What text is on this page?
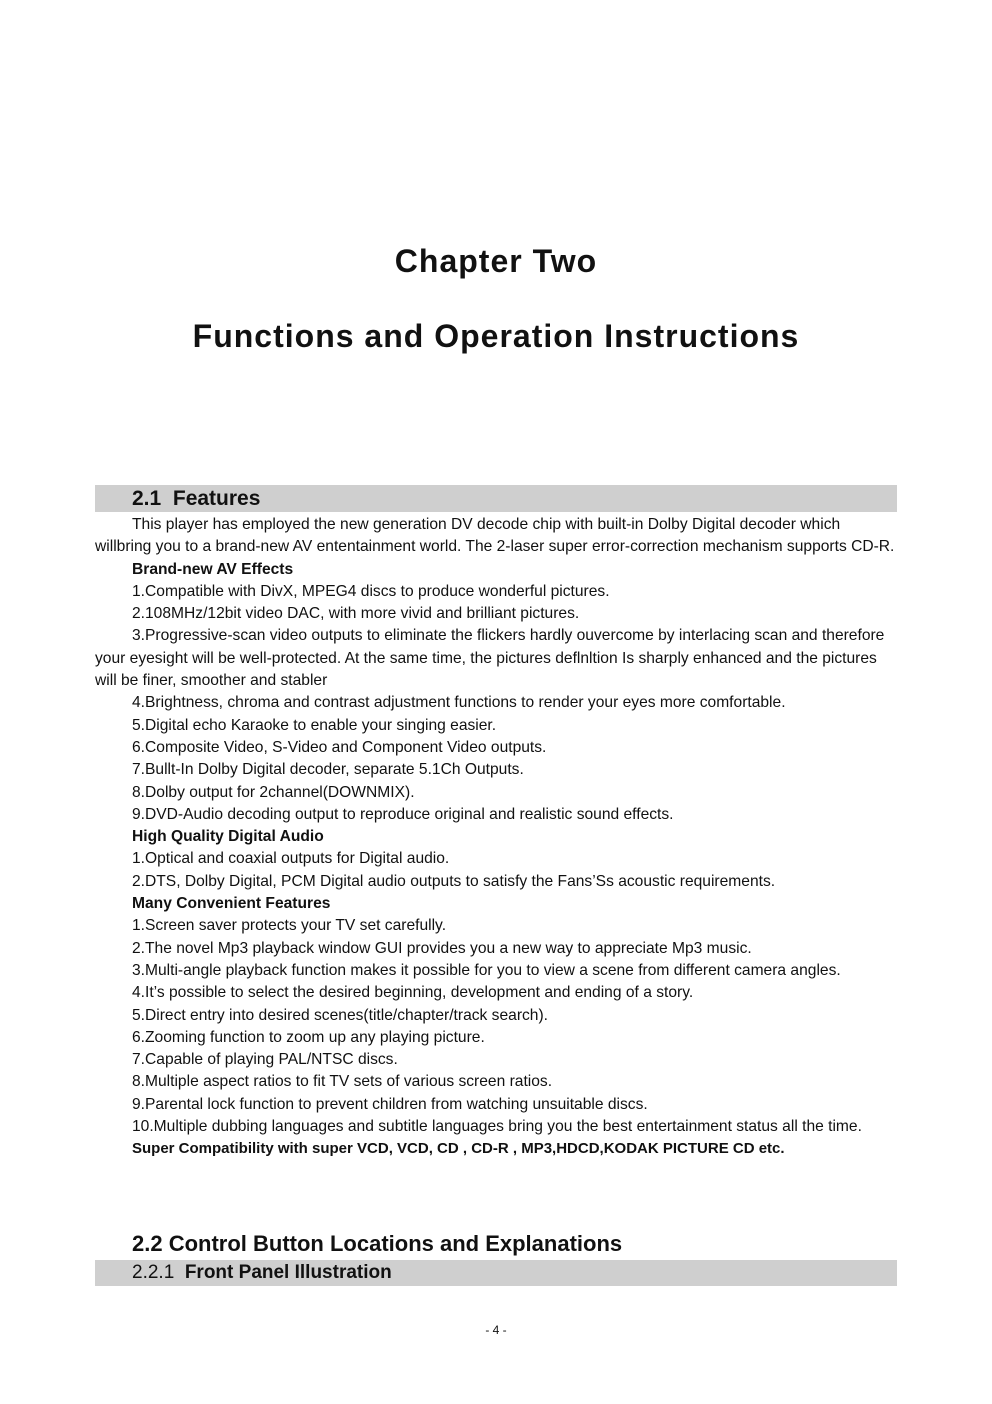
Chapter Two
Functions and Operation Instructions
2.1 Features

This player has employed the new generation DV decode chip with built-in Dolby Digital decoder which willbring you to a brand-new AV ententainment world. The 2-laser super error-correction mechanism supports CD-R.

Brand-new AV Effects

1.Compatible with DivX, MPEG4 discs to produce wonderful pictures.

2.108MHz/12bit video DAC, with more vivid and brilliant pictures.

3.Progressive-scan video outputs to eliminate the flickers hardly ouvercome by interlacing scan and therefore your eyesight will be well-protected. At the same time, the pictures deflnltion Is sharply enhanced and the pictures will be finer, smoother and stabler

4.Brightness, chroma and contrast adjustment functions to render your eyes more comfortable.

5.Digital echo Karaoke to enable your singing easier.

6.Composite Video, S-Video and Component Video outputs.

7.Bullt-In Dolby Digital decoder, separate 5.1Ch Outputs.

8.Dolby output for 2channel(DOWNMIX).

9.DVD-Audio decoding output to reproduce original and realistic sound effects.

High Quality Digital Audio

1.Optical and coaxial outputs for Digital audio.

2.DTS, Dolby Digital, PCM Digital audio outputs to satisfy the Fans’Ss acoustic requirements.

Many Convenient Features

1.Screen saver protects your TV set carefully.

2.The novel Mp3 playback window GUI provides you a new way to appreciate Mp3 music.

3.Multi-angle playback function makes it possible for you to view a scene from different camera angles.

4.It’s possible to select the desired beginning, development and ending of a story.

5.Direct entry into desired scenes(title/chapter/track search).

6.Zooming function to zoom up any playing picture.

7.Capable of playing PAL/NTSC discs.

8.Multiple aspect ratios to fit TV sets of various screen ratios.

9.Parental lock function to prevent children from watching unsuitable discs.

10.Multiple dubbing languages and subtitle languages bring you the best entertainment status all the time.

Super Compatibility with super VCD, VCD, CD , CD-R , MP3,HDCD,KODAK PICTURE CD etc.

2.2 Control Button Locations and Explanations
2.2.1 Front Panel Illustration
- 4 -
